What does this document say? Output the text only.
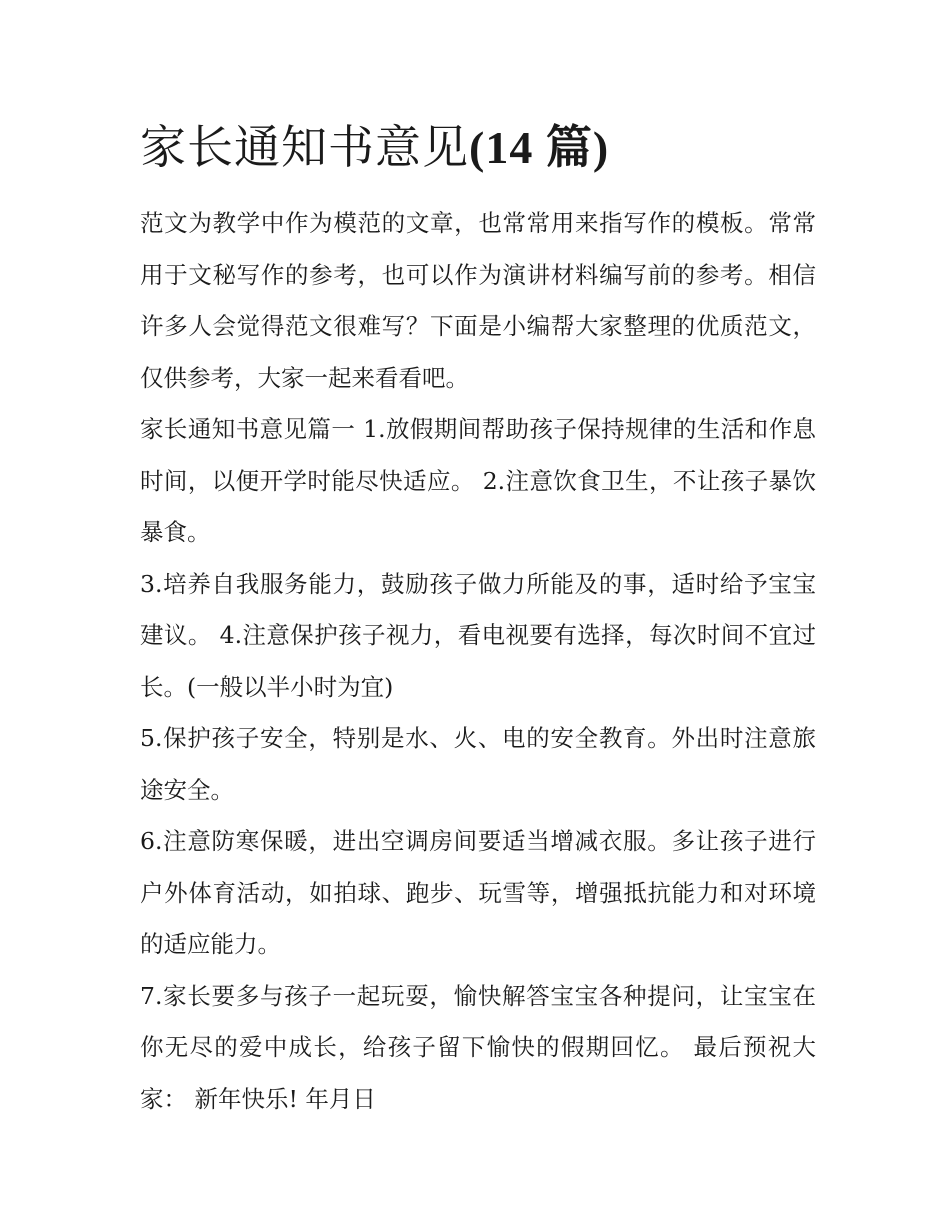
家长通知书意见(14 篇)

范文为教学中作为模范的文章，也常常用来指写作的模板。常常用于文秘写作的参考，也可以作为演讲材料编写前的参考。相信许多人会觉得范文很难写？下面是小编帮大家整理的优质范文，仅供参考，大家一起来看看吧。

家长通知书意见篇一 1.放假期间帮助孩子保持规律的生活和作息时间，以便开学时能尽快适应。 2.注意饮食卫生，不让孩子暴饮暴食。

3.培养自我服务能力，鼓励孩子做力所能及的事，适时给予宝宝建议。 4.注意保护孩子视力，看电视要有选择，每次时间不宜过长。(一般以半小时为宜)

5.保护孩子安全，特别是水、火、电的安全教育。外出时注意旅途安全。

6.注意防寒保暖，进出空调房间要适当增减衣服。多让孩子进行户外体育活动，如拍球、跑步、玩雪等，增强抵抗能力和对环境的适应能力。

7.家长要多与孩子一起玩耍，愉快解答宝宝各种提问，让宝宝在你无尽的爱中成长，给孩子留下愉快的假期回忆。 最后预祝大家： 新年快乐! 年月日
